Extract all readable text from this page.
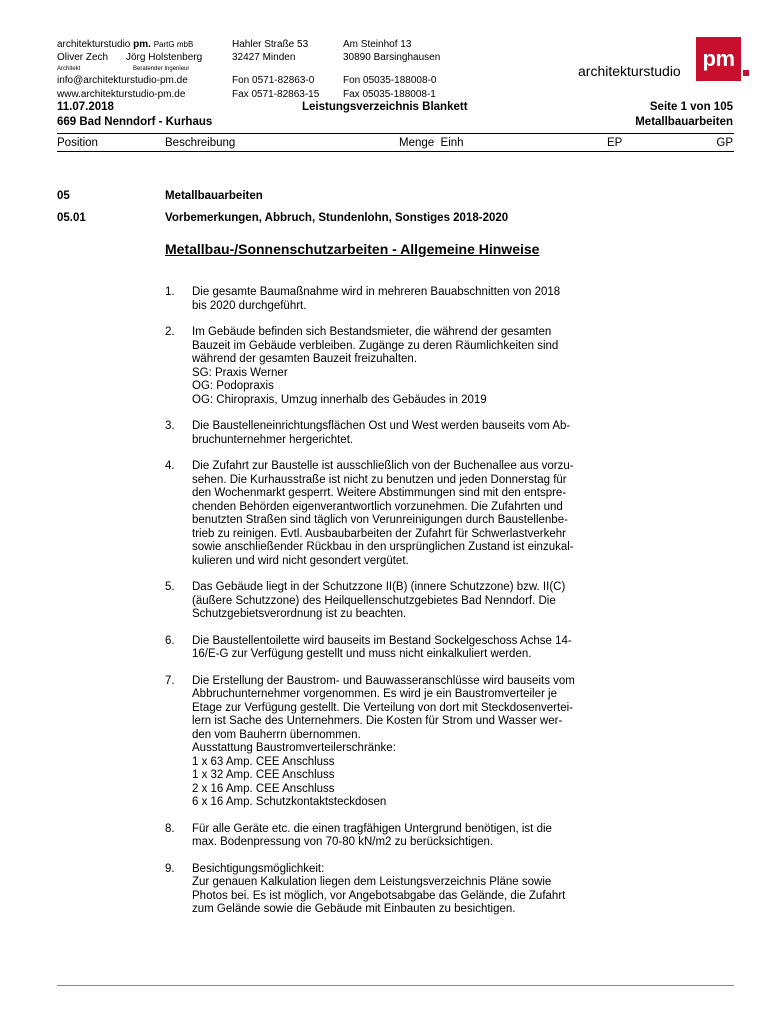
architekturstudio pm. PartG mbB
Oliver Zech Jörg Holstenberg
Architekt	Beratender Ingenieur
info@architekturstudio-pm.de
www.architekturstudio-pm.de
Hahler Straße 53
32427 Minden
Fon 0571-82863-0
Fax 0571-82863-15
Am Steinhof 13
30890 Barsinghausen
Fon 05035-188008-0
Fax 05035-188008-1
architekturstudio pm
11.07.2018
669 Bad Nenndorf - Kurhaus
Leistungsverzeichnis Blankett	Seite 1 von 105
Metallbauarbeiten
Position	Beschreibung	Menge  Einh	EP	GP
05	Metallbauarbeiten
05.01	Vorbemerkungen, Abbruch, Stundenlohn, Sonstiges 2018-2020
Metallbau-/Sonnenschutzarbeiten - Allgemeine Hinweise
1.	Die gesamte Baumaßnahme wird in mehreren Bauabschnitten von 2018
bis 2020 durchgeführt.
2.	Im Gebäude befinden sich Bestandsmieter, die während der gesamten
Bauzeit im Gebäude verbleiben. Zugänge zu deren Räumlichkeiten sind
während der gesamten Bauzeit freizuhalten.
SG: Praxis Werner
OG: Podopraxis
OG: Chiropraxis, Umzug innerhalb des Gebäudes in 2019
3.	Die Baustelleneinrichtungsflächen Ost und West werden bauseits vom Ab-
bruchunternehmer hergerichtet.
4.	Die Zufahrt zur Baustelle ist ausschließlich von der Buchenallee aus vorzu-
sehen. Die Kurhausstraße ist nicht zu benutzen und jeden Donnerstag für
den Wochenmarkt gesperrt. Weitere Abstimmungen sind mit den entspre-
chenden Behörden eigenverantwortlich vorzunehmen. Die Zufahrten und
benutzten Straßen sind täglich von Verunreinigungen durch Baustellenbe-
trieb zu reinigen. Evtl. Ausbaubarbeiten der Zufahrt für Schwerlastverkehr
sowie anschließender Rückbau in den ursprünglichen Zustand ist einzukal-
kulieren und wird nicht gesondert vergütet.
5.	Das Gebäude liegt in der Schutzzone II(B) (innere Schutzzone) bzw. II(C)
(äußere Schutzzone) des Heilquellenschutzgebietes Bad Nenndorf. Die
Schutzgebietsverordnung ist zu beachten.
6.	Die Baustellentoilette wird bauseits im Bestand Sockelgeschoss Achse 14-
16/E-G zur Verfügung gestellt und muss nicht einkalkuliert werden.
7.	Die Erstellung der Baustrom- und Bauwasseranschlüsse wird bauseits vom
Abbruchunternehmer vorgenommen. Es wird je ein Baustromverteiler je
Etage zur Verfügung gestellt. Die Verteilung von dort mit Steckdosenvertei-
lern ist Sache des Unternehmers. Die Kosten für Strom und Wasser wer-
den vom Bauherrn übernommen.
Ausstattung Baustromverteilerschränke:
1 x 63 Amp. CEE Anschluss
1 x 32 Amp. CEE Anschluss
2 x 16 Amp. CEE Anschluss
6 x 16 Amp. Schutzkontaktsteckdosen
8.	Für alle Geräte etc. die einen tragfähigen Untergrund benötigen, ist die
max. Bodenpressung von 70-80 kN/m2 zu berücksichtigen.
9.	Besichtigungsmöglichkeit:
Zur genauen Kalkulation liegen dem Leistungsverzeichnis Pläne sowie
Photos bei. Es ist möglich, vor Angebotsabgabe das Gelände, die Zufahrt
zum Gelände sowie die Gebäude mit Einbauten zu besichtigen.
